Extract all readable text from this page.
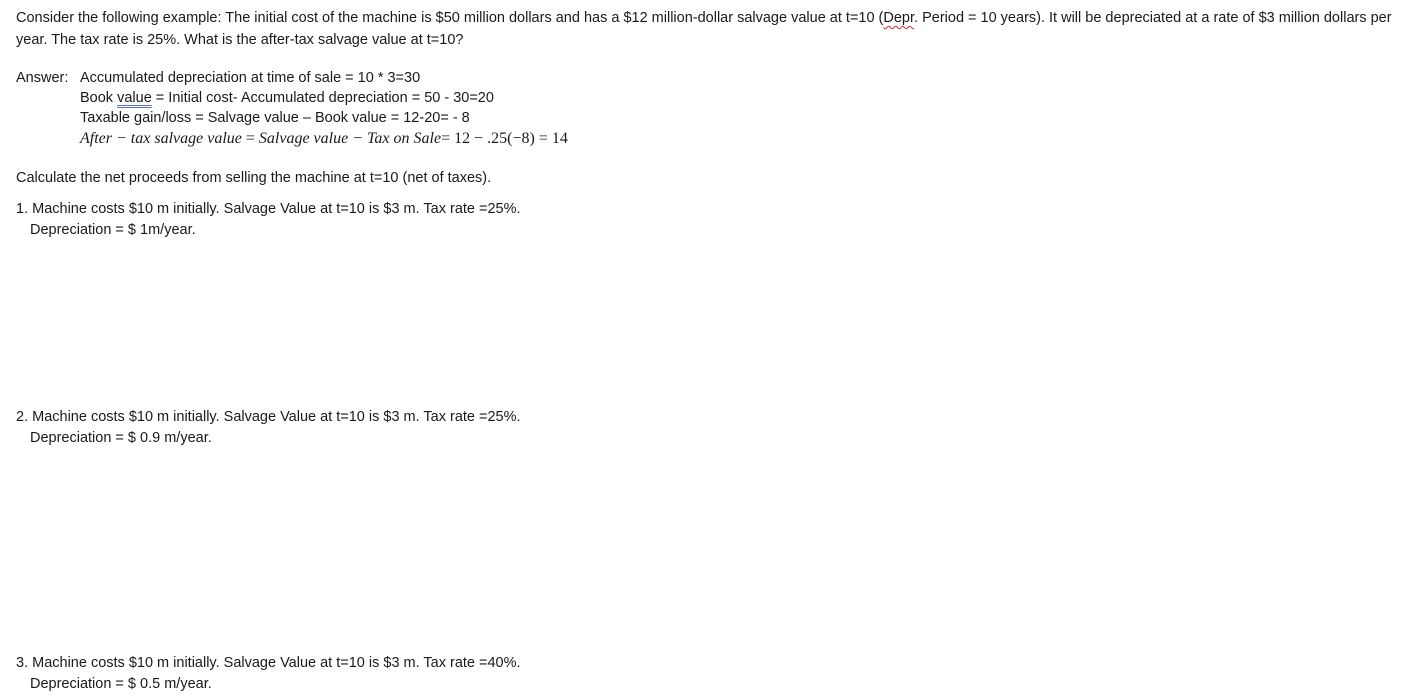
Consider the following example: The initial cost of the machine is $50 million dollars and has a $12 million-dollar salvage value at t=10 (Depr. Period = 10 years). It will be depreciated at a rate of $3 million dollars per
year. The tax rate is 25%. What is the after-tax salvage value at t=10?
Answer: Accumulated depreciation at time of sale = 10 * 3=30
Book value = Initial cost- Accumulated depreciation = 50 - 30=20
Taxable gain/loss = Salvage value – Book value = 12-20= - 8
After − tax salvage value = Salvage value − Tax on Sale= 12 − .25(−8) = 14
Calculate the net proceeds from selling the machine at t=10 (net of taxes).
1. Machine costs $10 m initially. Salvage Value at t=10 is $3 m. Tax rate =25%.
Depreciation = $ 1m/year.
2. Machine costs $10 m initially. Salvage Value at t=10 is $3 m. Tax rate =25%.
Depreciation = $ 0.9 m/year.
3. Machine costs $10 m initially. Salvage Value at t=10 is $3 m. Tax rate =40%.
Depreciation = $ 0.5 m/year.
